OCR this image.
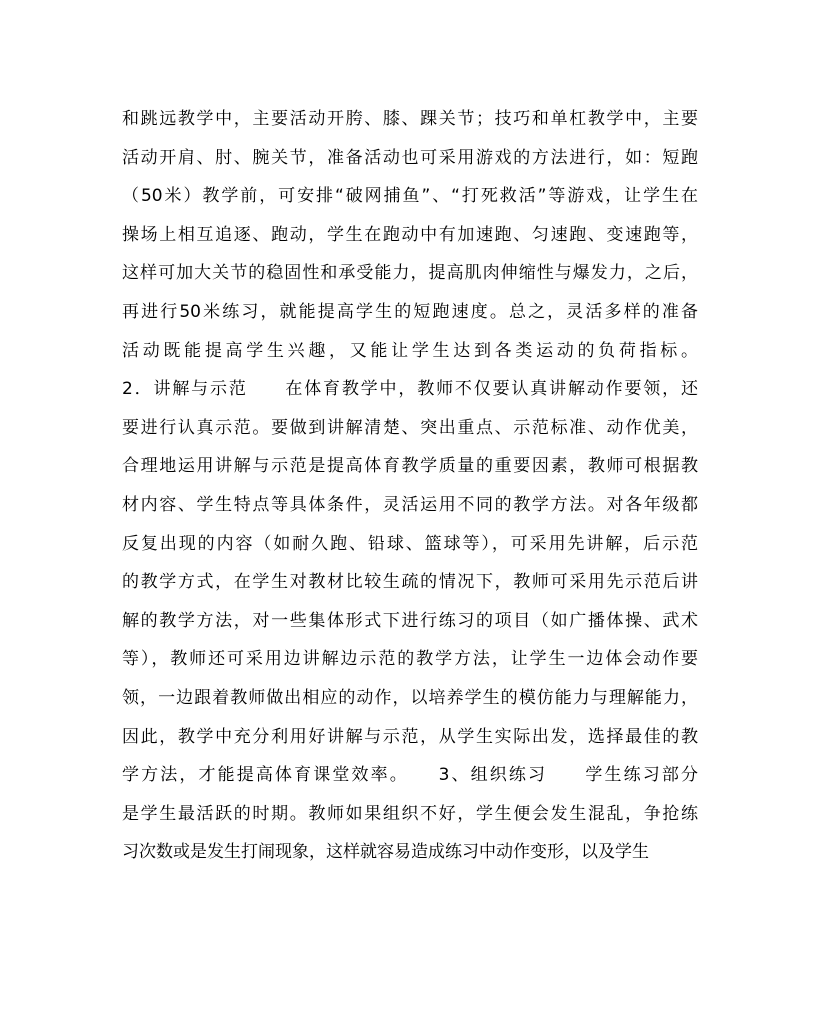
和跳远教学中，主要活动开胯、膝、踝关节；技巧和单杠教学中，主要
活动开肩、肘、腕关节，准备活动也可采用游戏的方法进行，如：短跑
（50米）教学前，可安排“破网捕鱼”、“打死救活”等游戏，让学生在
操场上相互追逐、跑动，学生在跑动中有加速跑、匀速跑、变速跑等，
这样可加大关节的稳固性和承受能力，提高肌肉伸缩性与爆发力，之后，
再进行50米练习，就能提高学生的短跑速度。总之，灵活多样的准备
活动既能提高学生兴趣，又能让学生达到各类运动的负荷指标。
2．讲解与示范　　在体育教学中，教师不仅要认真讲解动作要领，还
要进行认真示范。要做到讲解清楚、突出重点、示范标准、动作优美，
合理地运用讲解与示范是提高体育教学质量的重要因素，教师可根据教
材内容、学生特点等具体条件，灵活运用不同的教学方法。对各年级都
反复出现的内容（如耐久跑、铅球、篮球等），可采用先讲解，后示范
的教学方式，在学生对教材比较生疏的情况下，教师可采用先示范后讲
解的教学方法，对一些集体形式下进行练习的项目（如广播体操、武术
等），教师还可采用边讲解边示范的教学方法，让学生一边体会动作要
领，一边跟着教师做出相应的动作，以培养学生的模仿能力与理解能力，
因此，教学中充分利用好讲解与示范，从学生实际出发，选择最佳的教
学方法，才能提高体育课堂效率。　　3、组织练习　　学生练习部分
是学生最活跃的时期。教师如果组织不好，学生便会发生混乱，争抢练
习次数或是发生打闹现象，这样就容易造成练习中动作变形，以及学生
